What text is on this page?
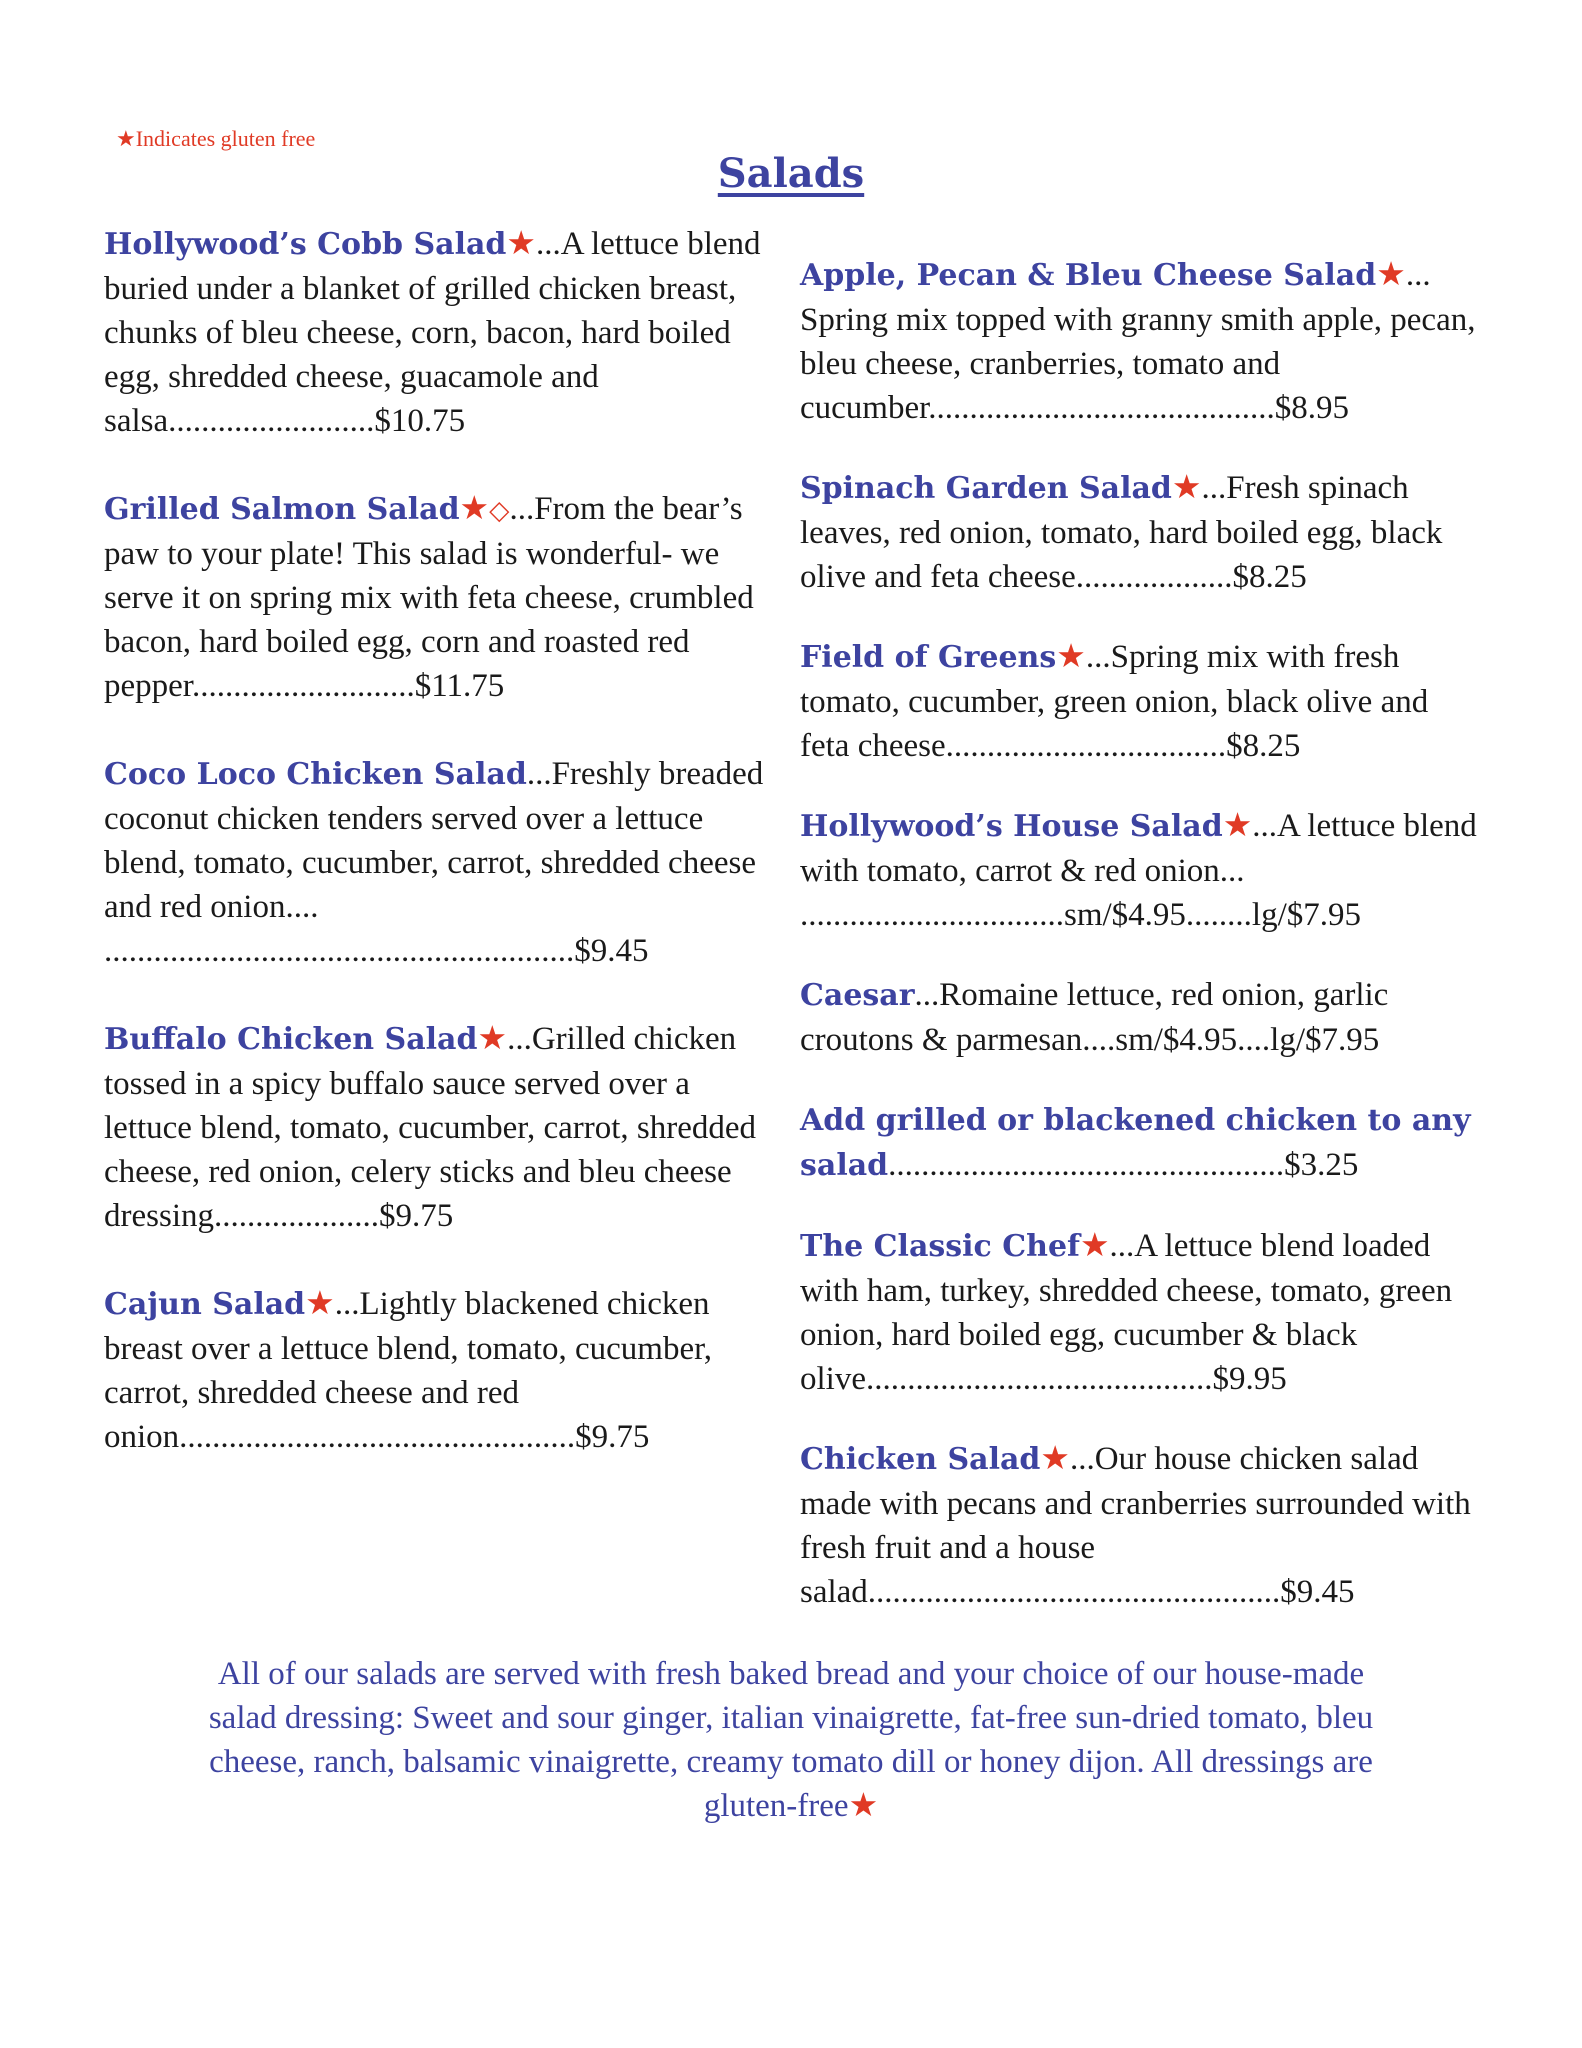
★Indicates gluten free
Salads

Hollywood’s Cobb Salad★...A lettuce blend buried under a blanket of grilled chicken breast, chunks of bleu cheese, corn, bacon, hard boiled egg, shredded cheese, guacamole and salsa.........................$10.75

Grilled Salmon Salad★◇...From the bear’s paw to your plate! This salad is wonderful- we serve it on spring mix with feta cheese, crumbled bacon, hard boiled egg, corn and roasted red pepper...........................$11.75

Coco Loco Chicken Salad...Freshly breaded coconut chicken tenders served over a lettuce blend, tomato, cucumber, carrot, shredded cheese and red onion.... .........................................................$9.45

Buffalo Chicken Salad★...Grilled chicken tossed in a spicy buffalo sauce served over a lettuce blend, tomato, cucumber, carrot, shredded cheese, red onion, celery sticks and bleu cheese dressing....................$9.75

Cajun Salad★...Lightly blackened chicken breast over a lettuce blend, tomato, cucumber, carrot, shredded cheese and red onion................................................$9.75

Apple, Pecan & Bleu Cheese Salad★... Spring mix topped with granny smith apple, pecan, bleu cheese, cranberries, tomato and cucumber..........................................$8.95

Spinach Garden Salad★...Fresh spinach leaves, red onion, tomato, hard boiled egg, black olive and feta cheese...................$8.25

Field of Greens★...Spring mix with fresh tomato, cucumber, green onion, black olive and feta cheese..................................$8.25

Hollywood’s House Salad★...A lettuce blend with tomato, carrot & red onion... ................................sm/$4.95........lg/$7.95

Caesar...Romaine lettuce, red onion, garlic croutons & parmesan....sm/$4.95....lg/$7.95

Add grilled or blackened chicken to any salad................................................$3.25

The Classic Chef★...A lettuce blend loaded with ham, turkey, shredded cheese, tomato, green onion, hard boiled egg, cucumber & black olive..........................................$9.95

Chicken Salad★...Our house chicken salad made with pecans and cranberries surrounded with fresh fruit and a house salad..................................................$9.45

All of our salads are served with fresh baked bread and your choice of our house-made salad dressing: Sweet and sour ginger, italian vinaigrette, fat-free sun-dried tomato, bleu cheese, ranch, balsamic vinaigrette, creamy tomato dill or honey dijon. All dressings are gluten-free★
